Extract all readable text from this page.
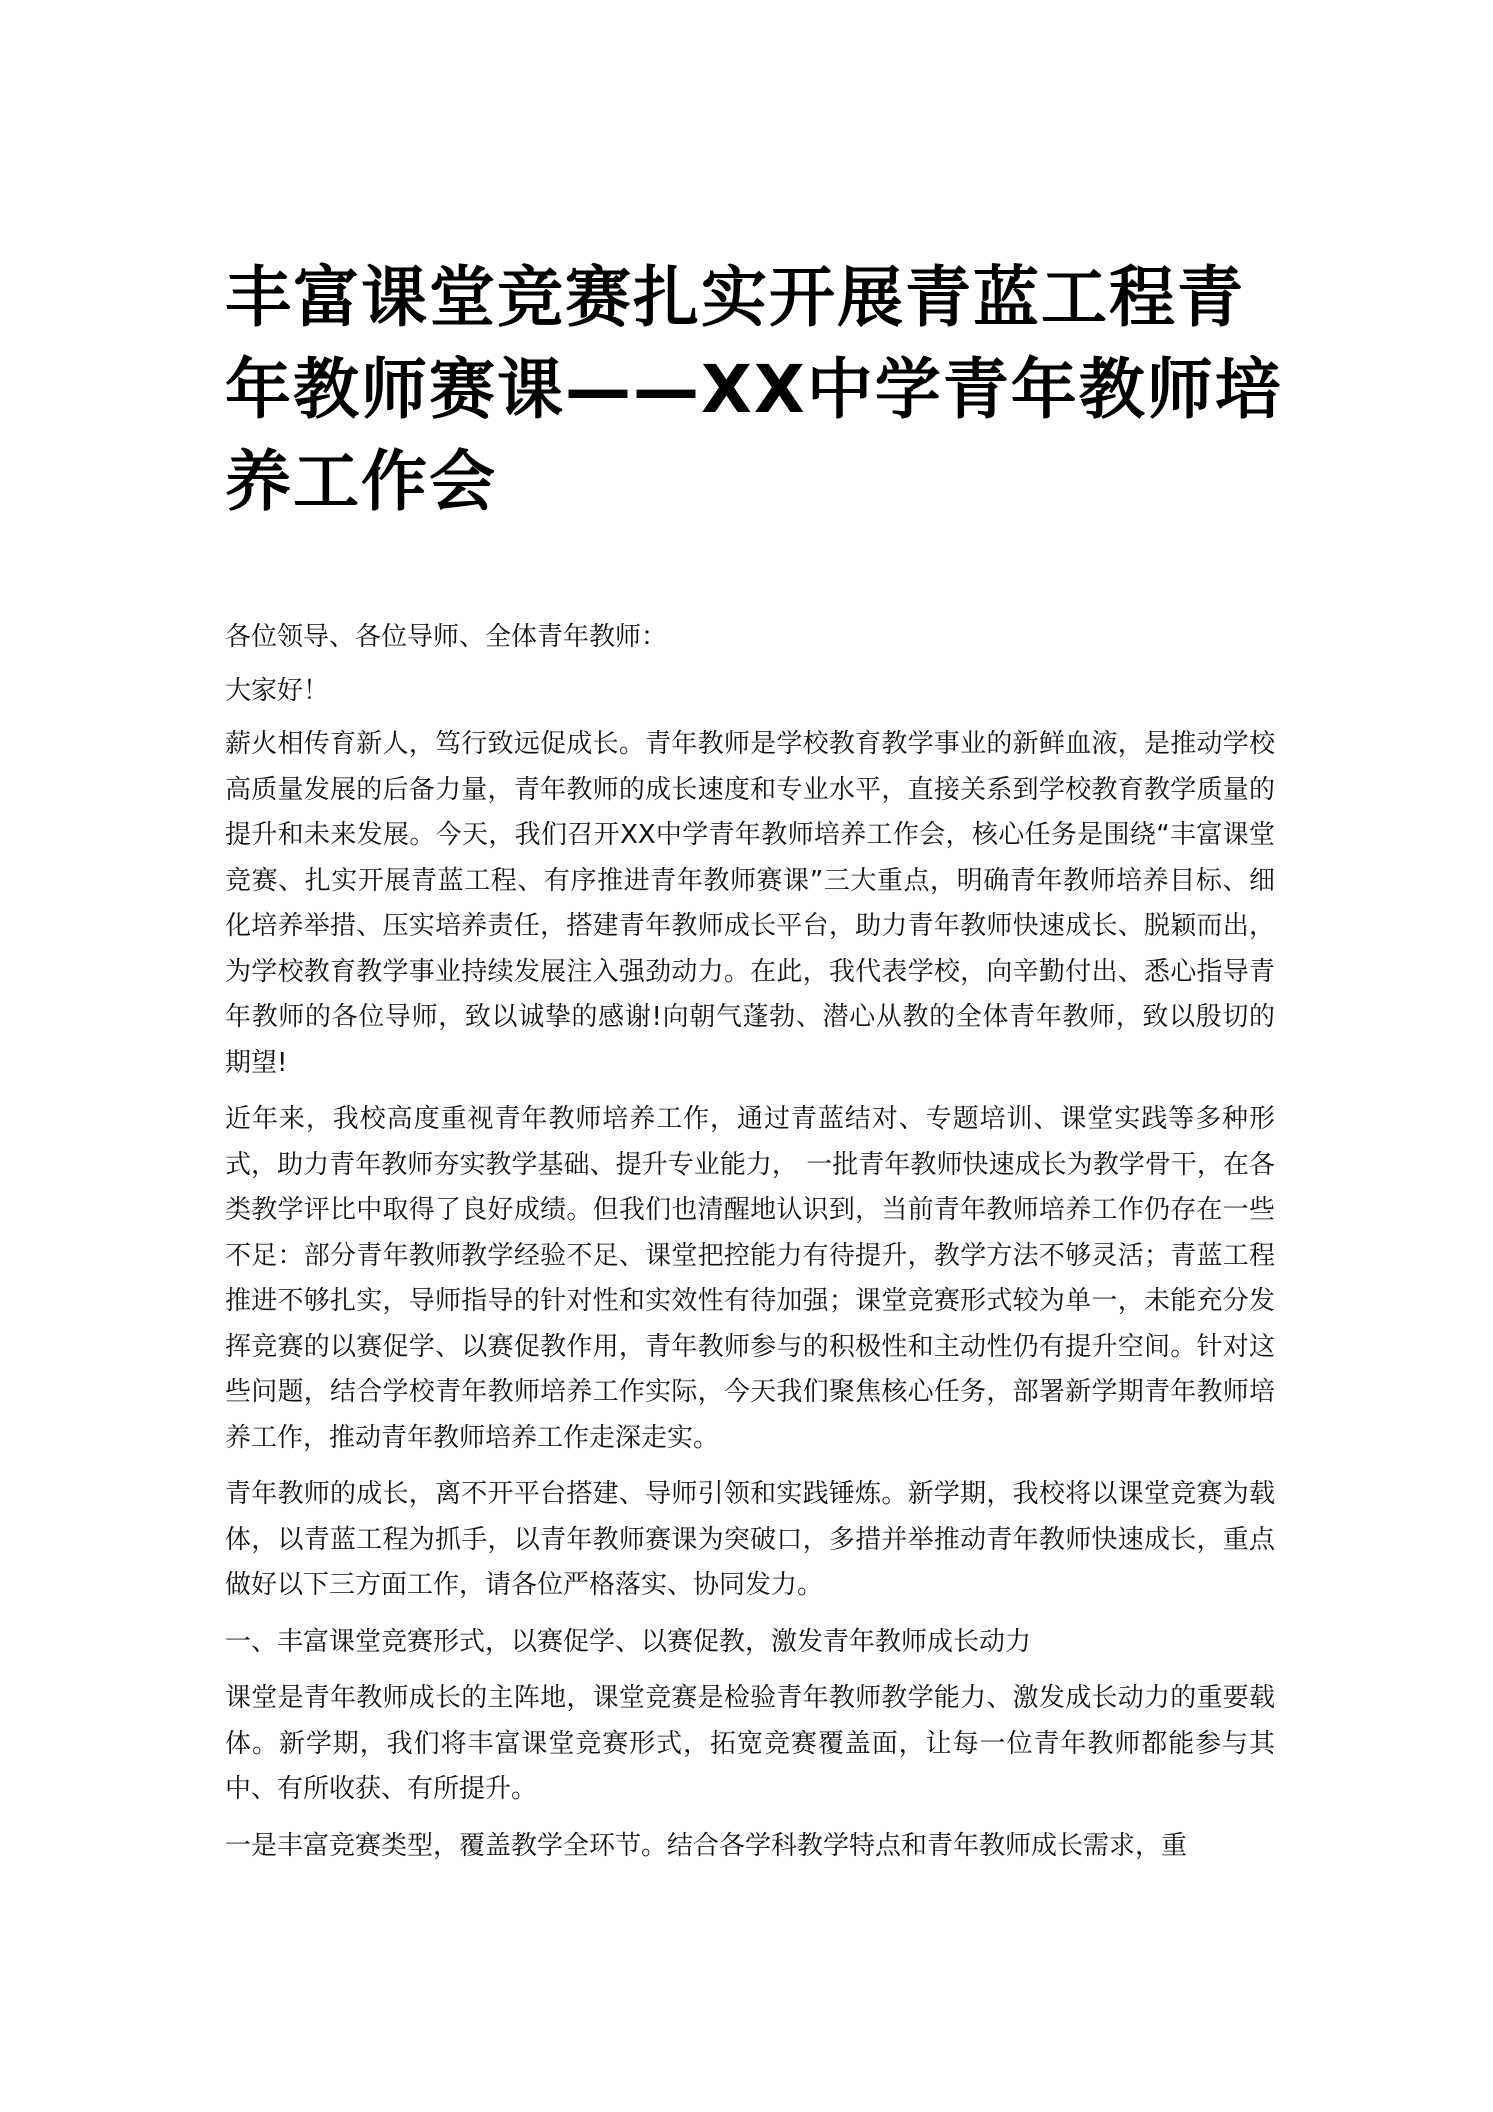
丰富课堂竞赛扎实开展青蓝工程青年教师赛课——XX中学青年教师培养工作会

各位领导、各位导师、全体青年教师：

大家好！

薪火相传育新人，笃行致远促成长。青年教师是学校教育教学事业的新鲜血液，是推动学校高质量发展的后备力量，青年教师的成长速度和专业水平，直接关系到学校教育教学质量的提升和未来发展。今天，我们召开XX中学青年教师培养工作会，核心任务是围绕“丰富课堂竞赛、扎实开展青蓝工程、有序推进青年教师赛课”三大重点，明确青年教师培养目标、细化培养举措、压实培养责任，搭建青年教师成长平台，助力青年教师快速成长、脱颖而出，为学校教育教学事业持续发展注入强劲动力。在此，我代表学校，向辛勤付出、悉心指导青年教师的各位导师，致以诚挚的感谢!向朝气蓬勃、潜心从教的全体青年教师，致以殷切的期望!

近年来，我校高度重视青年教师培养工作，通过青蓝结对、专题培训、课堂实践等多种形式，助力青年教师夯实教学基础、提升专业能力， 一批青年教师快速成长为教学骨干，在各类教学评比中取得了良好成绩。但我们也清醒地认识到，当前青年教师培养工作仍存在一些不足：部分青年教师教学经验不足、课堂把控能力有待提升，教学方法不够灵活；青蓝工程推进不够扎实，导师指导的针对性和实效性有待加强；课堂竞赛形式较为单一，未能充分发挥竞赛的以赛促学、以赛促教作用，青年教师参与的积极性和主动性仍有提升空间。针对这些问题，结合学校青年教师培养工作实际，今天我们聚焦核心任务，部署新学期青年教师培养工作，推动青年教师培养工作走深走实。

青年教师的成长，离不开平台搭建、导师引领和实践锤炼。新学期，我校将以课堂竞赛为载体，以青蓝工程为抓手，以青年教师赛课为突破口，多措并举推动青年教师快速成长，重点做好以下三方面工作，请各位严格落实、协同发力。

一、丰富课堂竞赛形式，以赛促学、以赛促教，激发青年教师成长动力

课堂是青年教师成长的主阵地，课堂竞赛是检验青年教师教学能力、激发成长动力的重要载体。新学期，我们将丰富课堂竞赛形式，拓宽竞赛覆盖面，让每一位青年教师都能参与其中、有所收获、有所提升。

一是丰富竞赛类型，覆盖教学全环节。结合各学科教学特点和青年教师成长需求，重
